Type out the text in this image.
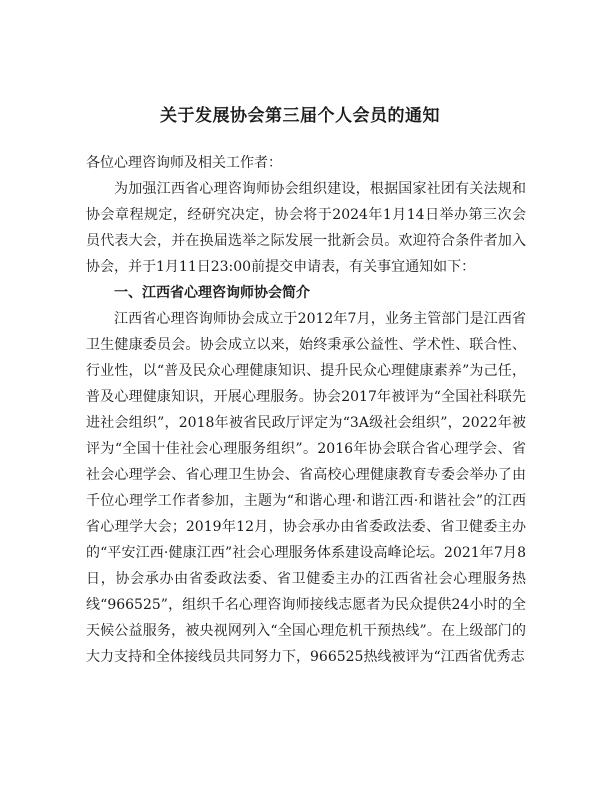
关于发展协会第三届个人会员的通知

各位心理咨询师及相关工作者：

为加强江西省心理咨询师协会组织建设，根据国家社团有关法规和协会章程规定，经研究决定，协会将于2024年1月14日举办第三次会员代表大会，并在换届选举之际发展一批新会员。欢迎符合条件者加入协会，并于1月11日23:00前提交申请表，有关事宜通知如下：

一、江西省心理咨询师协会简介

江西省心理咨询师协会成立于2012年7月，业务主管部门是江西省卫生健康委员会。协会成立以来，始终秉承公益性、学术性、联合性、行业性，以“普及民众心理健康知识、提升民众心理健康素养”为己任，普及心理健康知识，开展心理服务。协会2017年被评为“全国社科联先进社会组织”，2018年被省民政厅评定为“3A级社会组织”，2022年被评为“全国十佳社会心理服务组织”。2016年协会联合省心理学会、省社会心理学会、省心理卫生协会、省高校心理健康教育专委会举办了由千位心理学工作者参加，主题为“和谐心理·和谐江西·和谐社会”的江西省心理学大会；2019年12月，协会承办由省委政法委、省卫健委主办的“平安江西·健康江西”社会心理服务体系建设高峰论坛。2021年7月8日，协会承办由省委政法委、省卫健委主办的江西省社会心理服务热线“966525”，组织千名心理咨询师接线志愿者为民众提供24小时的全天候公益服务，被央视网列入“全国心理危机干预热线”。在上级部门的大力支持和全体接线员共同努力下，966525热线被评为“江西省优秀志
